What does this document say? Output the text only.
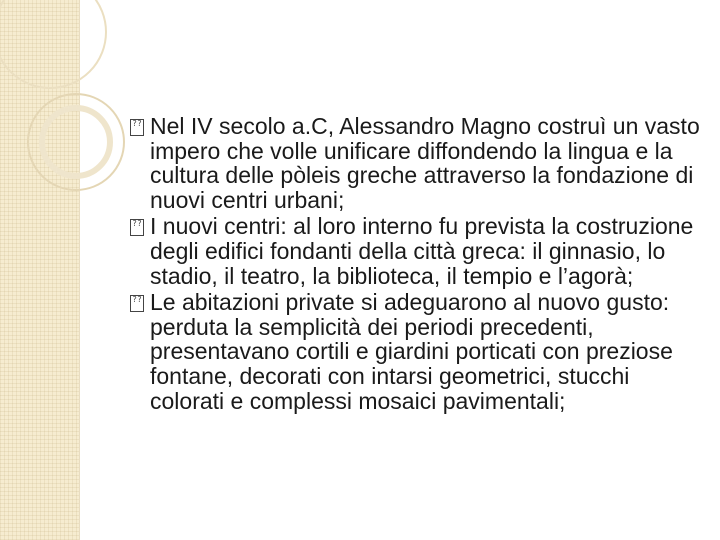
?? Nel IV secolo a.C, Alessandro Magno costruì un vasto impero che volle unificare diffondendo la lingua e la cultura delle pòleis greche attraverso la fondazione di nuovi centri urbani;

?? I nuovi centri: al loro interno fu prevista la costruzione degli edifici fondanti della città greca: il ginnasio, lo stadio, il teatro, la biblioteca, il tempio e l’agorà;

?? Le abitazioni private si adeguarono al nuovo gusto: perduta la semplicità dei periodi precedenti, presentavano cortili e giardini porticati con preziose fontane, decorati con intarsi geometrici, stucchi colorati e complessi mosaici pavimentali;
